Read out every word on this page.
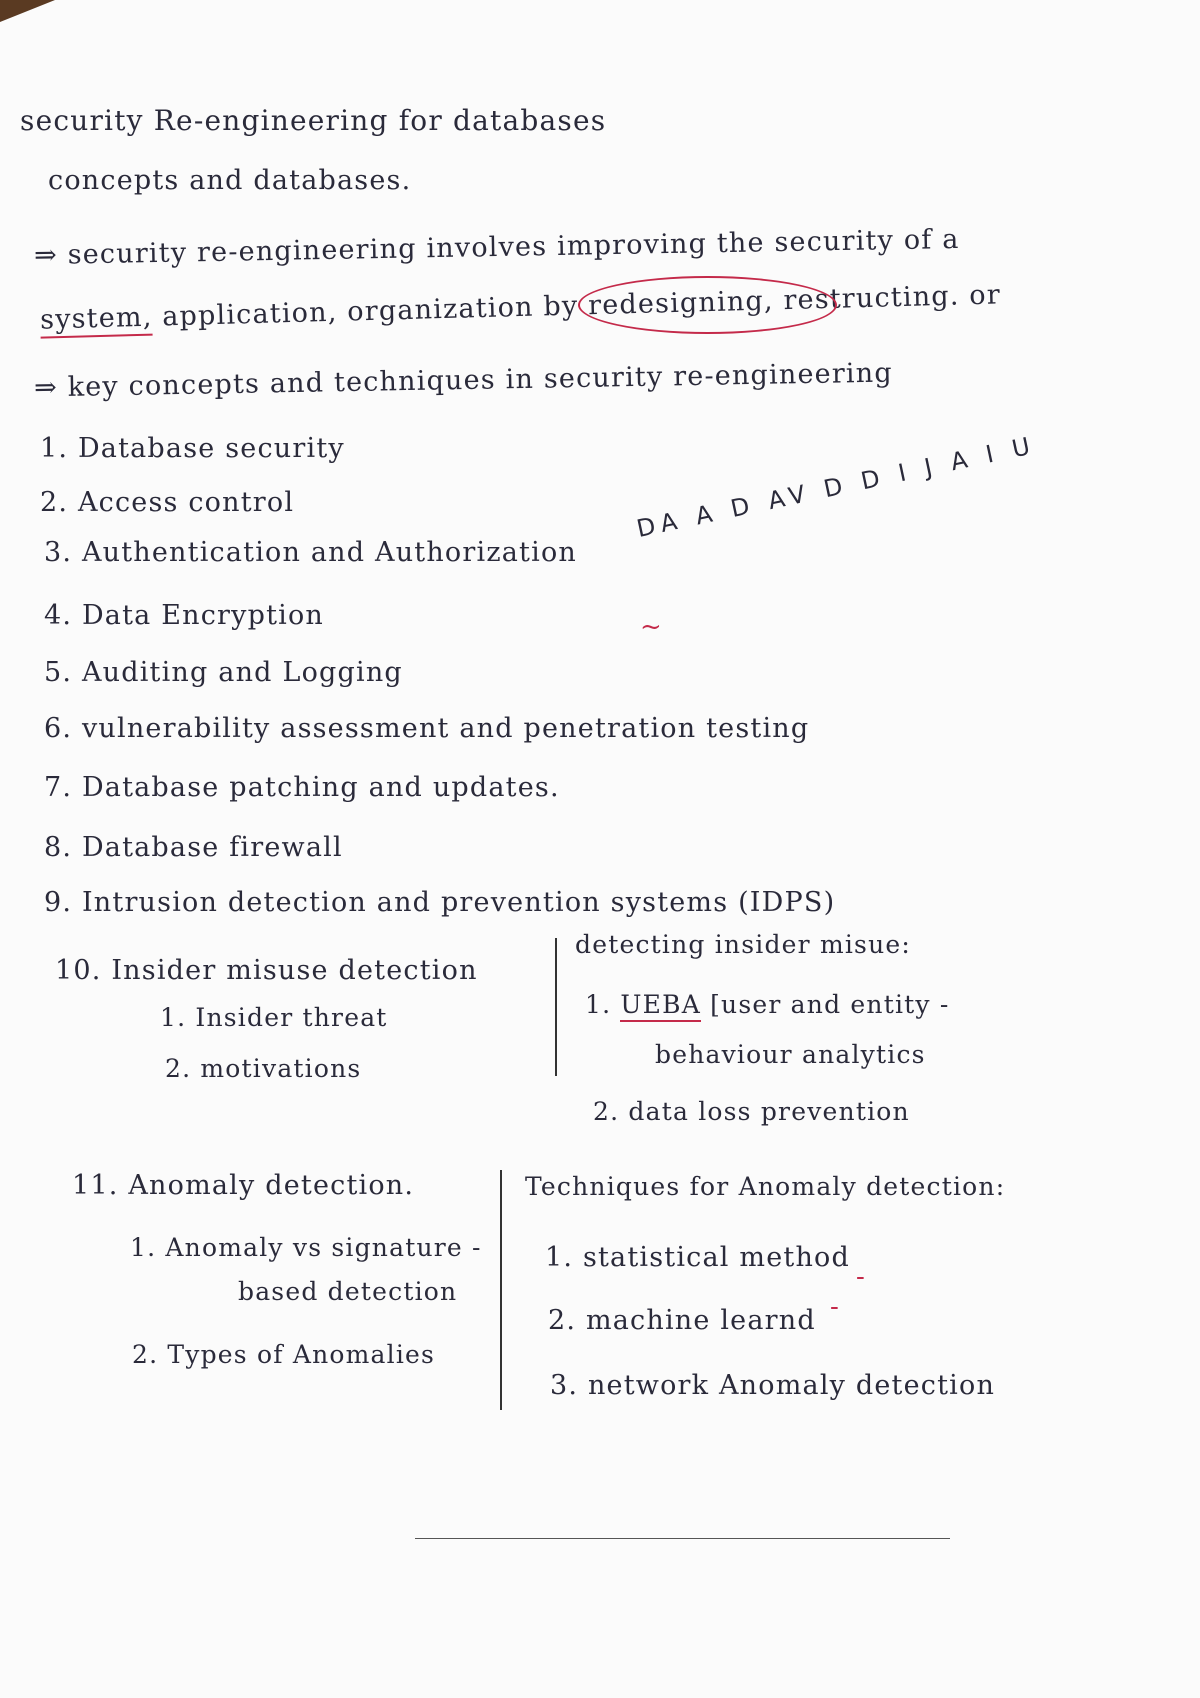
security Re-engineering for databases
concepts and databases.
⇒ security re-engineering involves improving the security of a
system, application, organization by redesigning, restructing. or
⇒ key concepts and techniques in security re-engineering
1. Database security
2. Access control
3. Authentication and Authorization
4. Data Encryption
5. Auditing and Logging
6. vulnerability assessment and penetration testing
7. Database patching and updates.
8. Database firewall
9. Intrusion detection and prevention systems (IDPS)
DA A D AV D D I J A I U
~
10. Insider misuse detection
1. Insider threat
2. motivations
detecting insider misue:
1. UEBA [user and entity -
behaviour analytics
2. data loss prevention
11. Anomaly detection.
1. Anomaly vs signature -
based detection
2. Types of Anomalies
Techniques for Anomaly detection:
1. statistical method
2. machine learnd
3. network Anomaly detection
-
-
